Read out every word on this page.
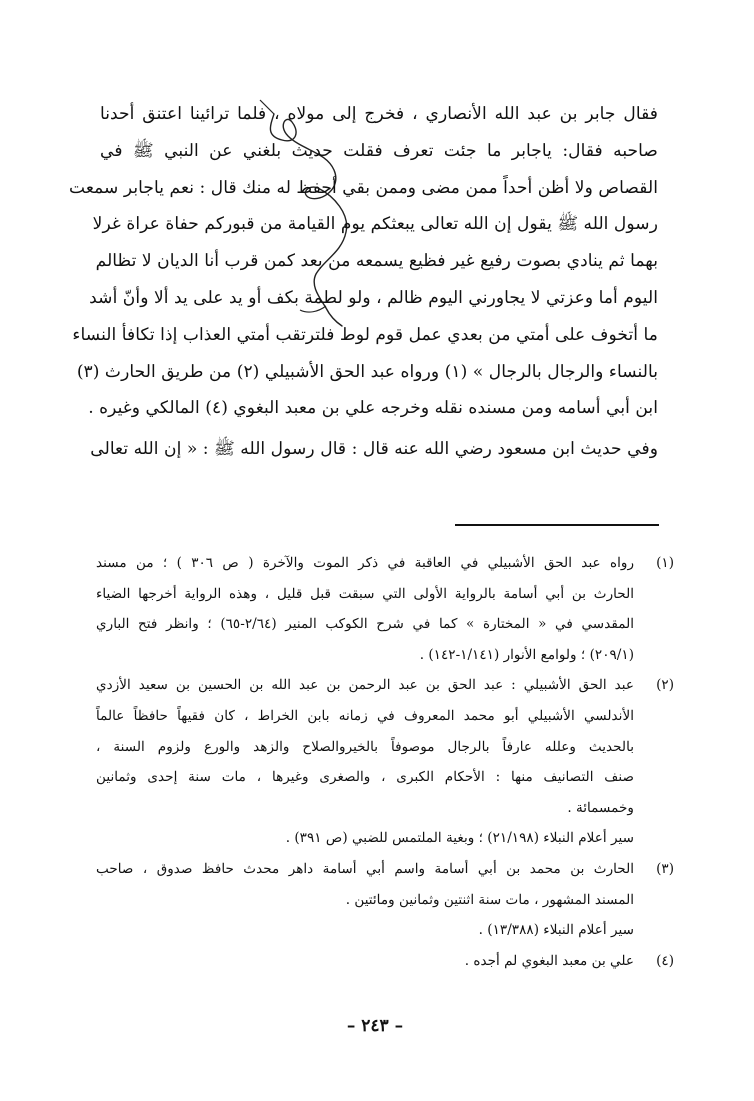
فقال جابر بن عبد الله الأنصاري ، فخرج إلى مولاه ، فلما ترائينا اعتنق أحدنا
صاحبه فقال: ياجابر ما جئت تعرف فقلت حديث بلغني عن النبي ﷺ في
القصاص ولا أظن أحداً ممن مضى وممن بقي أحفظ له منك قال : نعم ياجابر سمعت
رسول الله ﷺ يقول إن الله تعالى يبعثكم يوم القيامة من قبوركم حفاة عراة غرلا
بهما ثم ينادي بصوت رفيع غير فظيع يسمعه من بعد كمن قرب أنا الديان لا تظالم
اليوم أما وعزتي لا يجاورني اليوم ظالم ، ولو لطمة بكف أو يد على يد ألا وأنّ أشد
ما أتخوف على أمتي من بعدي عمل قوم لوط فلترتقب أمتي العذاب إذا تكافأ النساء
بالنساء والرجال بالرجال » (١) ورواه عبد الحق الأشبيلي (٢) من طريق الحارث (٣)
ابن أبي أسامه ومن مسنده نقله وخرجه علي بن معبد البغوي (٤) المالكي وغيره .
وفي حديث ابن مسعود رضي الله عنه قال : قال رسول الله ﷺ : « إن الله تعالى
(١)
رواه عبد الحق الأشبيلي في العاقبة في ذكر الموت والآخرة ( ص ٣٠٦ ) ؛ من مسند
الحارث بن أبي أسامة بالرواية الأولى التي سبقت قبل قليل ، وهذه الرواية أخرجها الضياء
المقدسي في « المختارة » كما في شرح الكوكب المنير (٢/٦٤-٦٥) ؛ وانظر فتح الباري
(٢٠٩/١) ؛ ولوامع الأنوار (١/١٤١-١٤٢) .
(٢)
عبد الحق الأشبيلي : عبد الحق بن عبد الرحمن بن عبد الله بن الحسين بن سعيد الأزدي
الأندلسي الأشبيلي أبو محمد المعروف في زمانه بابن الخراط ، كان فقيهاً حافظاً عالماً
بالحديث وعلله عارفاً بالرجال موصوفاً بالخيروالصلاح والزهد والورع ولزوم السنة ،
صنف التصانيف منها : الأحكام الكبرى ، والصغرى وغيرها ، مات سنة إحدى وثمانين
وخمسمائة .
سير أعلام النبلاء (٢١/١٩٨) ؛ وبغية الملتمس للضبي (ص ٣٩١) .
(٣)
الحارث بن محمد بن أبي أسامة واسم أبي أسامة داهر محدث حافظ صدوق ، صاحب
المسند المشهور ، مات سنة اثنتين وثمانين ومائتين .
سير أعلام النبلاء (١٣/٣٨٨) .
(٤)
علي بن معبد البغوي لم أجده .
– ٢٤٣ –
